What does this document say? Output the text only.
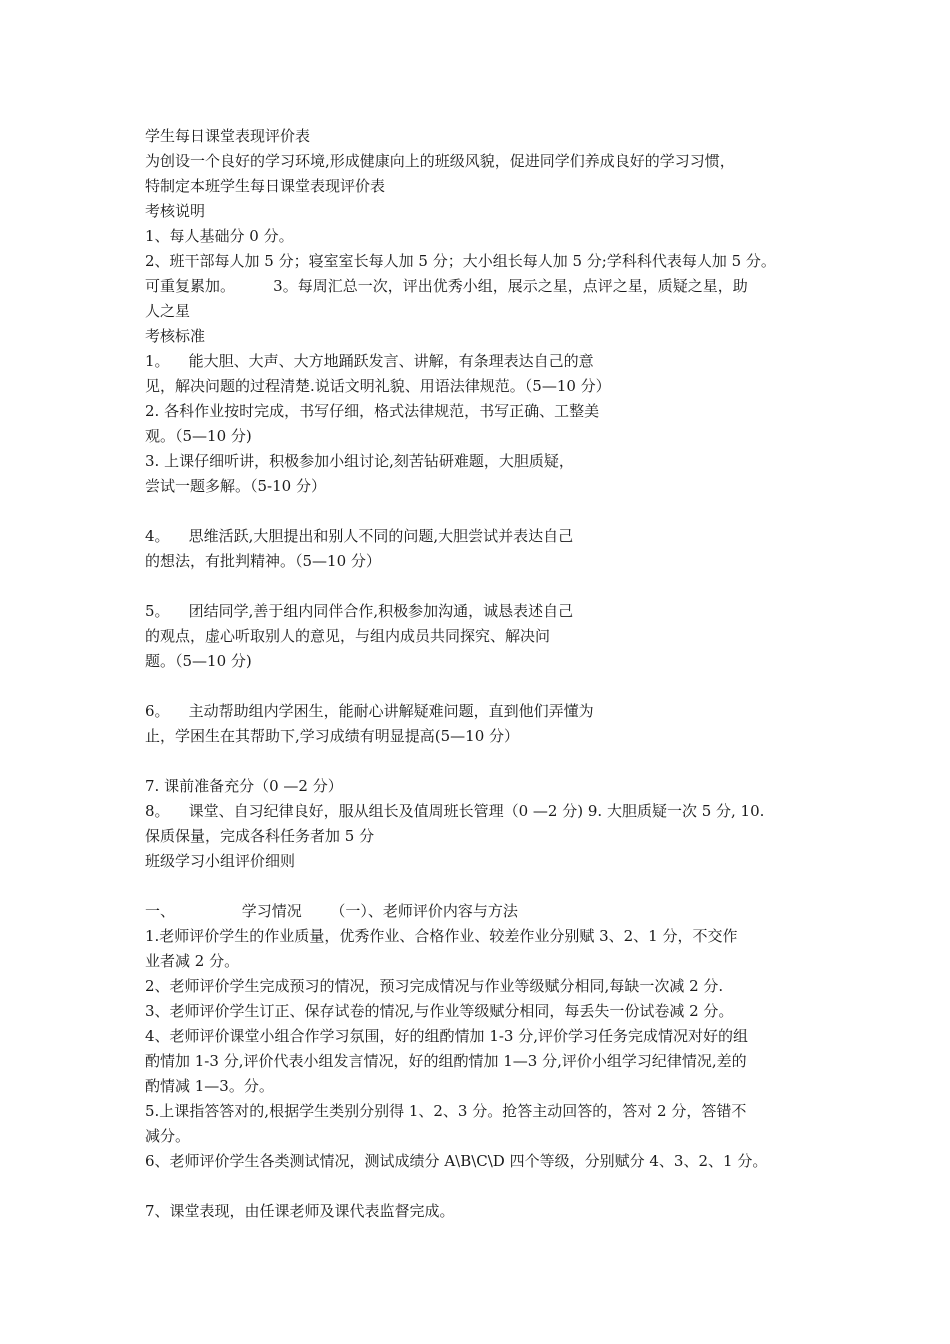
学生每日课堂表现评价表
为创设一个良好的学习环境,形成健康向上的班级风貌，促进同学们养成良好的学习习惯，
特制定本班学生每日课堂表现评价表
考核说明
1、每人基础分 0 分。
2、班干部每人加 5 分；寝室室长每人加 5 分；大小组长每人加 5 分;学科科代表每人加 5 分。
可重复累加。        3。每周汇总一次，评出优秀小组，展示之星，点评之星，质疑之星，助
人之星
考核标准
1。    能大胆、大声、大方地踊跃发言、讲解，有条理表达自己的意
见，解决问题的过程清楚.说话文明礼貌、用语法律规范。（5—10 分）
2. 各科作业按时完成，书写仔细，格式法律规范，书写正确、工整美
观。（5—10 分)
3. 上课仔细听讲，积极参加小组讨论,刻苦钻研难题，大胆质疑，
尝试一题多解。（5-10 分）
4。    思维活跃,大胆提出和别人不同的问题,大胆尝试并表达自己
的想法，有批判精神。（5—10 分）
5。    团结同学,善于组内同伴合作,积极参加沟通，诚恳表述自己
的观点，虚心听取别人的意见，与组内成员共同探究、解决问
题。（5—10 分)
6。    主动帮助组内学困生，能耐心讲解疑难问题，直到他们弄懂为
止，学困生在其帮助下,学习成绩有明显提高(5—10 分）
7. 课前准备充分（0 —2 分）
8。    课堂、自习纪律良好，服从组长及值周班长管理（0 —2 分) 9. 大胆质疑一次 5 分, 10.
保质保量，完成各科任务者加 5 分
班级学习小组评价细则
一、              学习情况      （一）、老师评价内容与方法
1.老师评价学生的作业质量，优秀作业、合格作业、较差作业分别赋 3、2、1 分，不交作
业者减 2 分。
2、老师评价学生完成预习的情况，预习完成情况与作业等级赋分相同,每缺一次减 2 分.
3、老师评价学生订正、保存试卷的情况,与作业等级赋分相同，每丢失一份试卷减 2 分。
4、老师评价课堂小组合作学习氛围，好的组酌情加 1-3 分,评价学习任务完成情况对好的组
酌情加 1-3 分,评价代表小组发言情况，好的组酌情加 1—3 分,评价小组学习纪律情况,差的
酌情减 1—3。分。
5.上课指答答对的,根据学生类别分别得 1、2、3 分。抢答主动回答的，答对 2 分，答错不
减分。
6、老师评价学生各类测试情况，测试成绩分 A\B\C\D 四个等级，分别赋分 4、3、2、1 分。
7、课堂表现，由任课老师及课代表监督完成。
